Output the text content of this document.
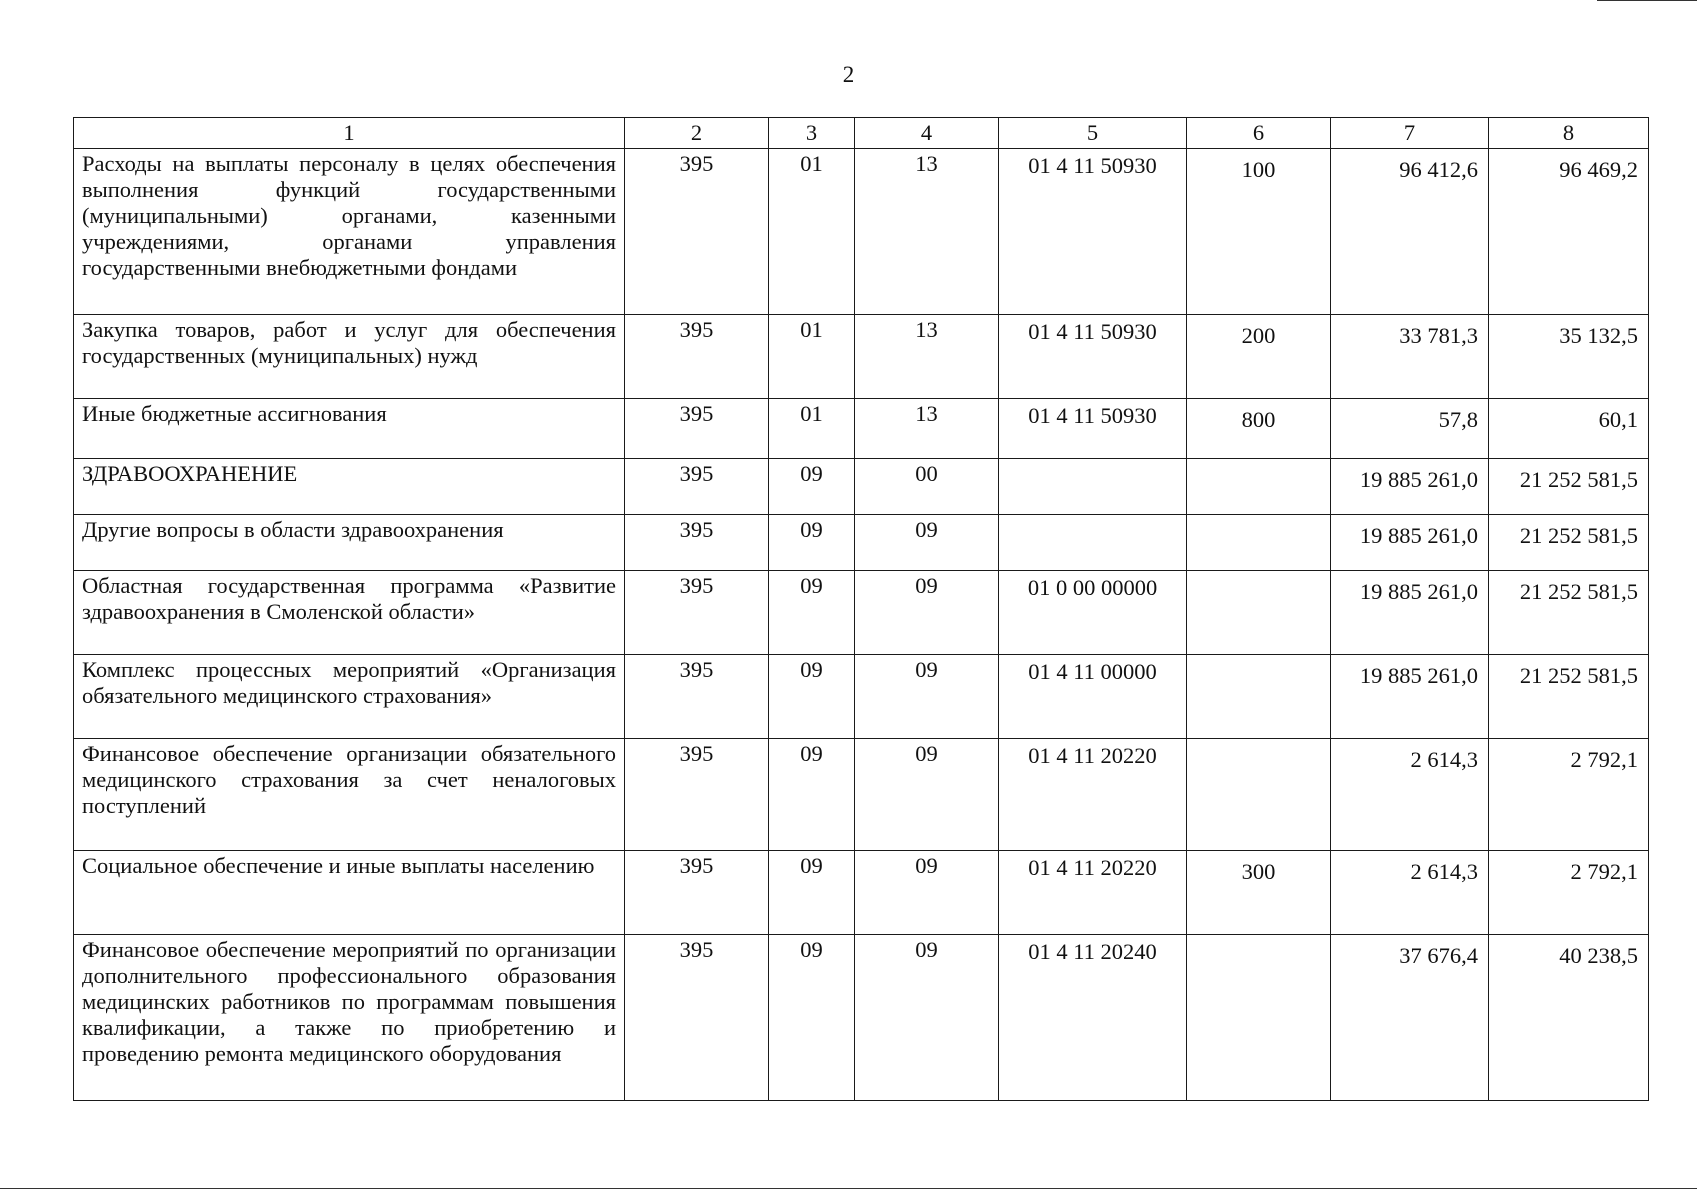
2
1	2	3	4	5	6	7	8
Расходы на выплаты персоналу в целях обеспечения выполнения функций государственными (муниципальными) органами, казенными учреждениями, органами управления государственными внебюджетными фондами	395	01	13	01 4 11 50930	100	96 412,6	96 469,2
Закупка товаров, работ и услуг для обеспечения государственных (муниципальных) нужд	395	01	13	01 4 11 50930	200	33 781,3	35 132,5
Иные бюджетные ассигнования	395	01	13	01 4 11 50930	800	57,8	60,1
ЗДРАВООХРАНЕНИЕ	395	09	00			19 885 261,0	21 252 581,5
Другие вопросы в области здравоохранения	395	09	09			19 885 261,0	21 252 581,5
Областная государственная программа «Развитие здравоохранения в Смоленской области»	395	09	09	01 0 00 00000		19 885 261,0	21 252 581,5
Комплекс процессных мероприятий «Организация обязательного медицинского страхования»	395	09	09	01 4 11 00000		19 885 261,0	21 252 581,5
Финансовое обеспечение организации обязательного медицинского страхования за счет неналоговых поступлений	395	09	09	01 4 11 20220		2 614,3	2 792,1
Социальное обеспечение и иные выплаты населению	395	09	09	01 4 11 20220	300	2 614,3	2 792,1
Финансовое обеспечение мероприятий по организации дополнительного профессионального образования медицинских работников по программам повышения квалификации, а также по приобретению и проведению ремонта медицинского оборудования	395	09	09	01 4 11 20240		37 676,4	40 238,5
